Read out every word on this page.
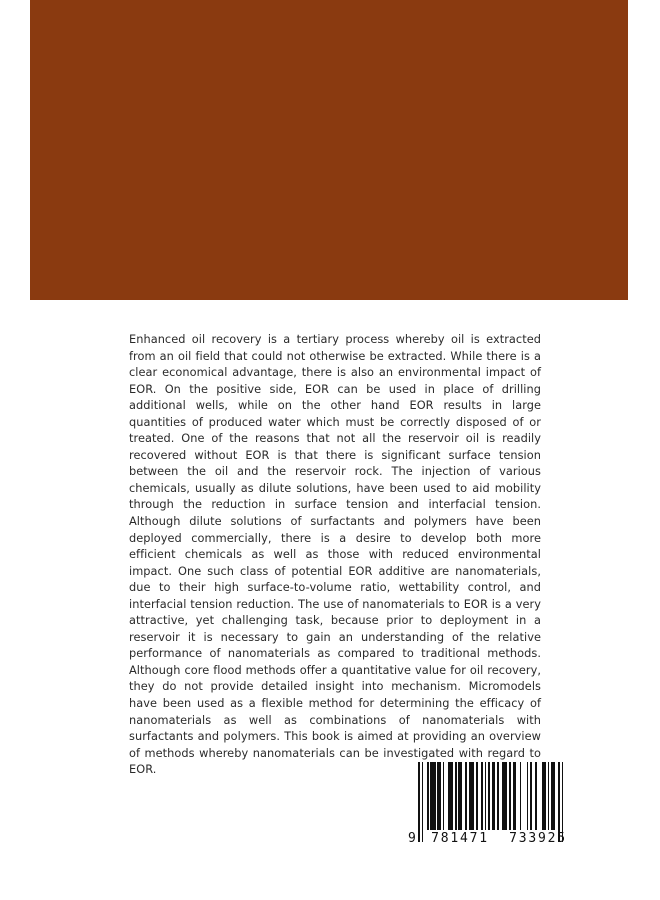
Enhanced oil recovery is a tertiary process whereby oil is extracted from an oil field that could not otherwise be extracted. While there is a clear economical advantage, there is also an environmental impact of EOR. On the positive side, EOR can be used in place of drilling additional wells, while on the other hand EOR results in large quantities of produced water which must be correctly disposed of or treated. One of the reasons that not all the reservoir oil is readily recovered without EOR is that there is significant surface tension between the oil and the reservoir rock. The injection of various chemicals, usually as dilute solutions, have been used to aid mobility through the reduction in surface tension and interfacial tension. Although dilute solutions of surfactants and polymers have been deployed commercially, there is a desire to develop both more efficient chemicals as well as those with reduced environmental impact. One such class of potential EOR additive are nanomaterials, due to their high surface-to-volume ratio, wettability control, and interfacial tension reduction. The use of nanomaterials to EOR is a very attractive, yet challenging task, because prior to deployment in a reservoir it is necessary to gain an understanding of the relative performance of nanomaterials as compared to traditional methods. Although core flood methods offer a quantitative value for oil recovery, they do not provide detailed insight into mechanism. Micromodels have been used as a flexible method for determining the efficacy of nanomaterials as well as combinations of nanomaterials with surfactants and polymers. This book is aimed at providing an overview of methods whereby nanomaterials can be investigated with regard to EOR.

9	781471	733925
